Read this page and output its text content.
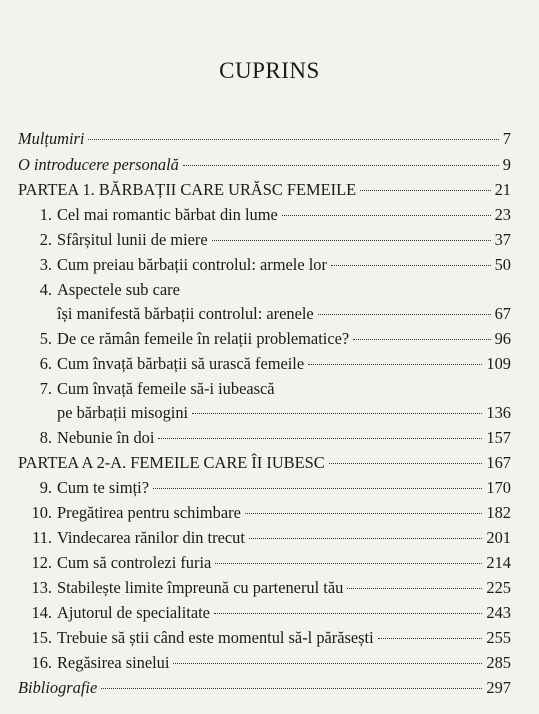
CUPRINS
Mulțumiri	7
O introducere personală	9
PARTEA 1. BĂRBAȚII CARE URĂSC FEMEILE	21
1. Cel mai romantic bărbat din lume	23
2. Sfârșitul lunii de miere	37
3. Cum preiau bărbații controlul: armele lor	50
4. Aspectele sub care
își manifestă bărbații controlul: arenele	67
5. De ce rămân femeile în relații problematice?	96
6. Cum învață bărbații să urască femeile	109
7. Cum învață femeile să-i iubească
pe bărbații misogini	136
8. Nebunie în doi	157
PARTEA A 2-A. FEMEILE CARE ÎI IUBESC	167
9. Cum te simți?	170
10. Pregătirea pentru schimbare	182
11. Vindecarea rănilor din trecut	201
12. Cum să controlezi furia	214
13. Stabilește limite împreună cu partenerul tău	225
14. Ajutorul de specialitate	243
15. Trebuie să știi când este momentul să-l părăsești	255
16. Regăsirea sinelui	285
Bibliografie	297
